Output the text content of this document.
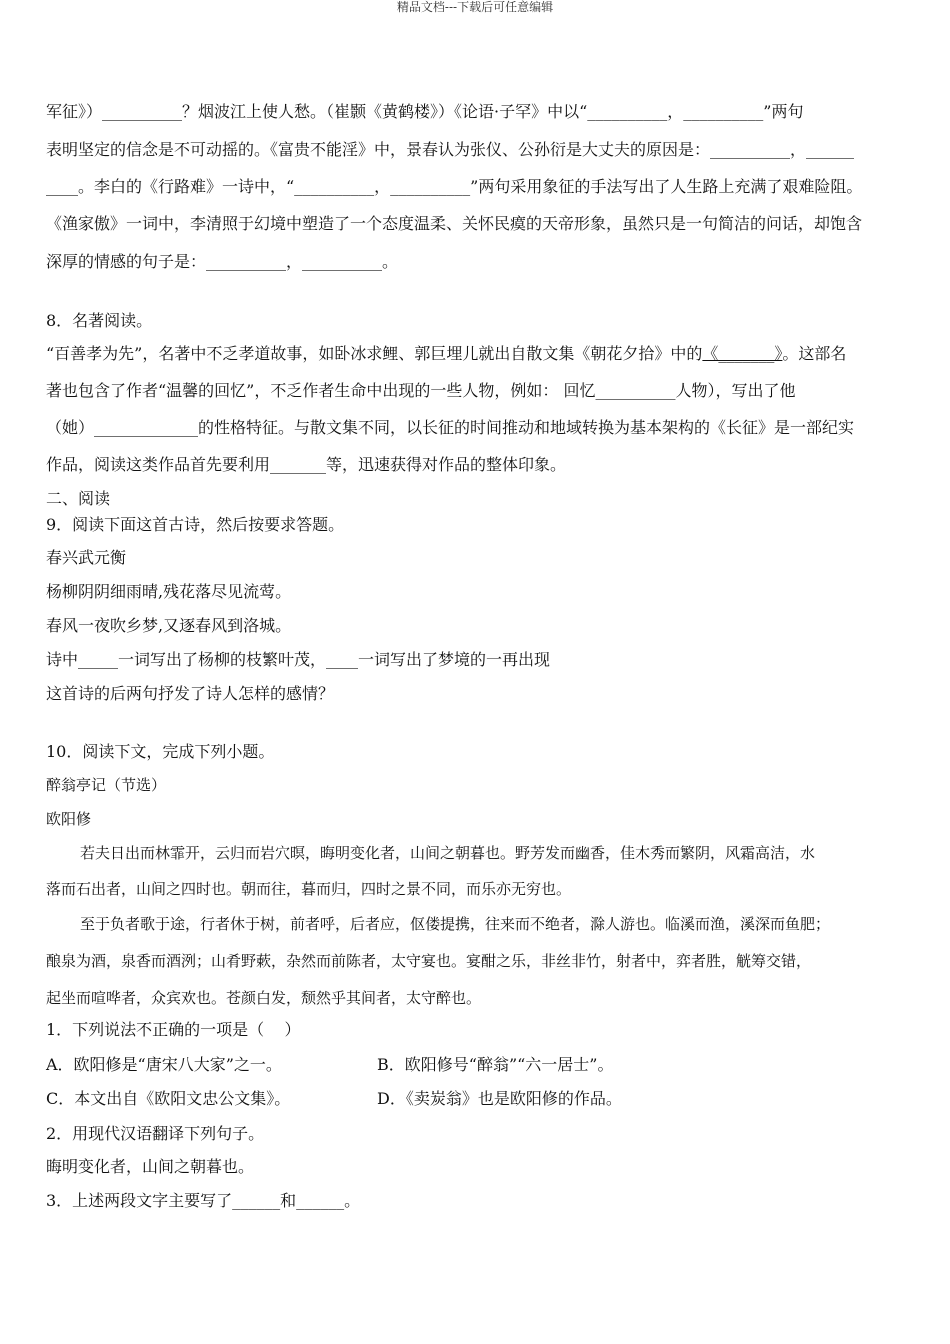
精品文档---下载后可任意编辑
军征》）__________？烟波江上使人愁。（崔颢《黄鹤楼》）《论语·子罕》中以“__________，__________”两句
表明坚定的信念是不可动摇的。《富贵不能淫》中，景春认为张仪、公孙衍是大丈夫的原因是：__________，______
____。李白的《行路难》一诗中，“__________，__________”两句采用象征的手法写出了人生路上充满了艰难险阻。
《渔家傲》一词中，李清照于幻境中塑造了一个态度温柔、关怀民瘼的天帝形象，虽然只是一句简洁的问话，却饱含
深厚的情感的句子是：__________，__________。
8．名著阅读。
“百善孝为先”，名著中不乏孝道故事，如卧冰求鲤、郭巨埋儿就出自散文集《朝花夕拾》中的《_______》。这部名
著也包含了作者“温馨的回忆”，不乏作者生命中出现的一些人物，例如： 回忆__________人物），写出了他
（她）_____________的性格特征。与散文集不同，以长征的时间推动和地域转换为基本架构的《长征》是一部纪实
作品，阅读这类作品首先要利用_______等，迅速获得对作品的整体印象。
二、阅读
9．阅读下面这首古诗，然后按要求答题。
春兴武元衡
杨柳阴阴细雨晴,残花落尽见流莺。
春风一夜吹乡梦,又逐春风到洛城。
诗中_____一词写出了杨柳的枝繁叶茂，____一词写出了梦境的一再出现
这首诗的后两句抒发了诗人怎样的感情？
10．阅读下文，完成下列小题。
醉翁亭记（节选）
欧阳修
若夫日出而林霏开，云归而岩穴暝，晦明变化者，山间之朝暮也。野芳发而幽香，佳木秀而繁阴，风霜高洁，水
落而石出者，山间之四时也。朝而往，暮而归，四时之景不同，而乐亦无穷也。
至于负者歌于途，行者休于树，前者呼，后者应，伛偻提携，往来而不绝者，滁人游也。临溪而渔，溪深而鱼肥；
酿泉为酒，泉香而酒洌；山肴野蔌，杂然而前陈者，太守宴也。宴酣之乐，非丝非竹，射者中，弈者胜，觥筹交错，
起坐而喧哗者，众宾欢也。苍颜白发，颓然乎其间者，太守醉也。
1．下列说法不正确的一项是（    ）
A．欧阳修是“唐宋八大家”之一。	B．欧阳修号“醉翁”“六一居士”。
C．本文出自《欧阳文忠公文集》。	D．《卖炭翁》也是欧阳修的作品。
2．用现代汉语翻译下列句子。
晦明变化者，山间之朝暮也。
3．上述两段文字主要写了______和______。
